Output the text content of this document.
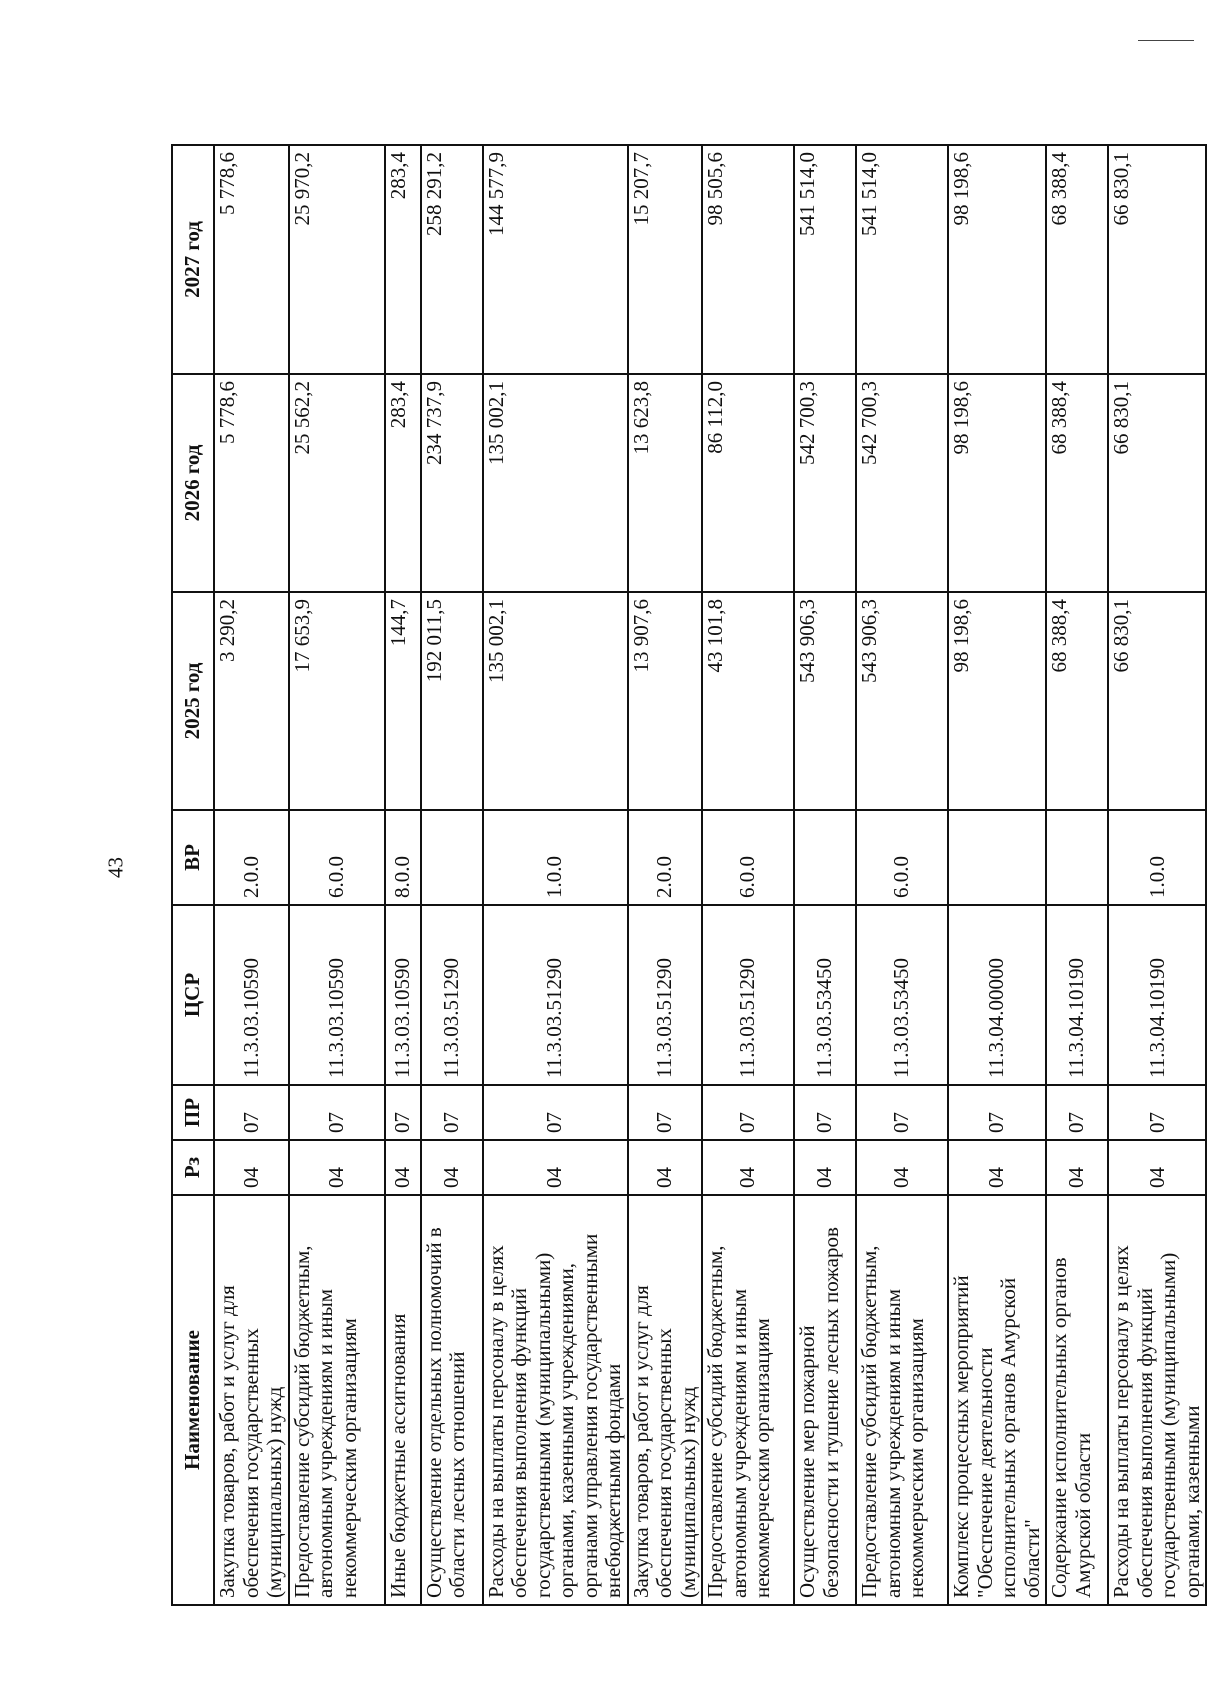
43
Наименование	Рз	ПР	ЦСР	ВР	2025 год	2026 год	2027 год
Закупка товаров, работ и услуг для обеспечения государственных (муниципальных) нужд	04	07	11.3.03.10590	2.0.0	3 290,2	5 778,6	5 778,6
Предоставление субсидий бюджетным, автономным учреждениям и иным некоммерческим организациям	04	07	11.3.03.10590	6.0.0	17 653,9	25 562,2	25 970,2
Иные бюджетные ассигнования	04	07	11.3.03.10590	8.0.0	144,7	283,4	283,4
Осуществление отдельных полномочий в области лесных отношений	04	07	11.3.03.51290		192 011,5	234 737,9	258 291,2
Расходы на выплаты персоналу в целях обеспечения выполнения функций государственными (муниципальными) органами, казенными учреждениями, органами управления государственными внебюджетными фондами	04	07	11.3.03.51290	1.0.0	135 002,1	135 002,1	144 577,9
Закупка товаров, работ и услуг для обеспечения государственных (муниципальных) нужд	04	07	11.3.03.51290	2.0.0	13 907,6	13 623,8	15 207,7
Предоставление субсидий бюджетным, автономным учреждениям и иным некоммерческим организациям	04	07	11.3.03.51290	6.0.0	43 101,8	86 112,0	98 505,6
Осуществление мер пожарной безопасности и тушение лесных пожаров	04	07	11.3.03.53450		543 906,3	542 700,3	541 514,0
Предоставление субсидий бюджетным, автономным учреждениям и иным некоммерческим организациям	04	07	11.3.03.53450	6.0.0	543 906,3	542 700,3	541 514,0
Комплекс процессных мероприятий "Обеспечение деятельности исполнительных органов Амурской области"	04	07	11.3.04.00000		98 198,6	98 198,6	98 198,6
Содержание исполнительных органов Амурской области	04	07	11.3.04.10190		68 388,4	68 388,4	68 388,4
Расходы на выплаты персоналу в целях обеспечения выполнения функций государственными (муниципальными) органами, казенными	04	07	11.3.04.10190	1.0.0	66 830,1	66 830,1	66 830,1
